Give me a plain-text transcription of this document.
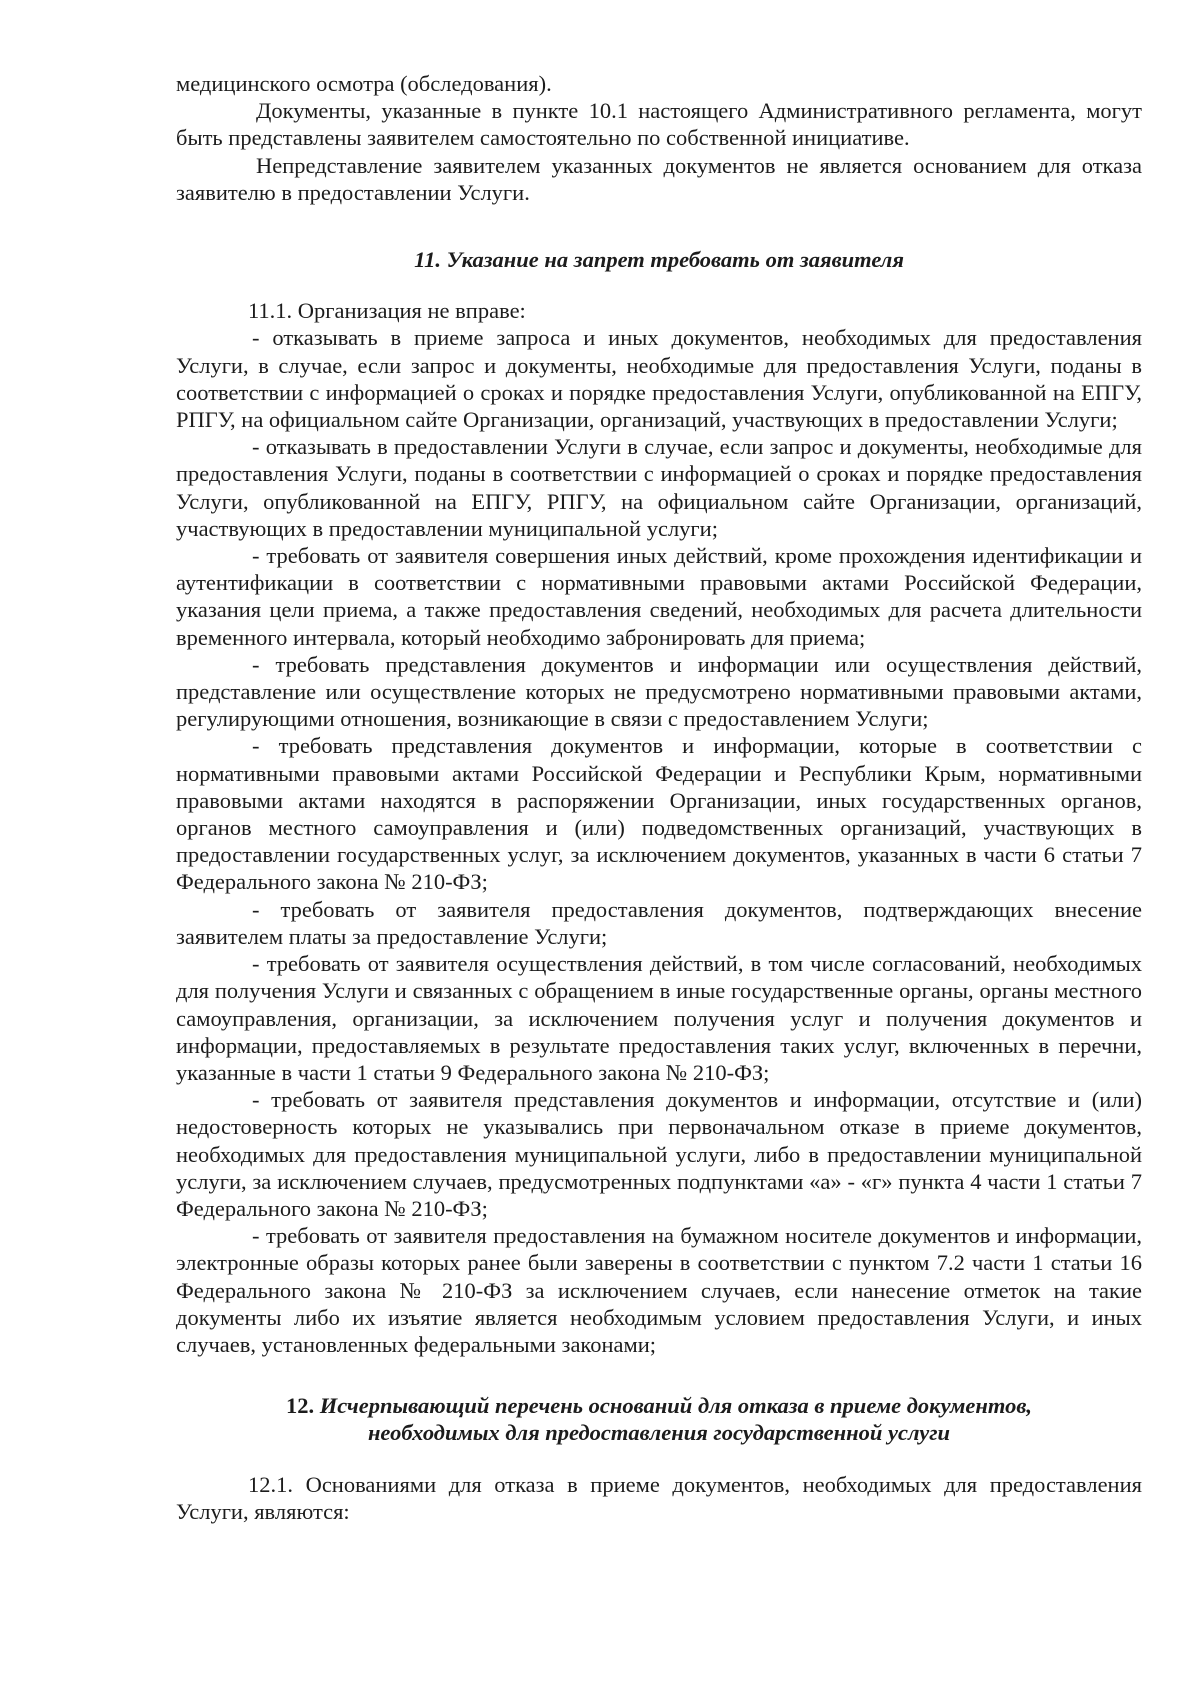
медицинского осмотра (обследования).

Документы, указанные в пункте 10.1 настоящего Административного регламента, могут быть представлены заявителем самостоятельно по собственной инициативе.

Непредставление заявителем указанных документов не является основанием для отказа заявителю в предоставлении Услуги.

11. Указание на запрет требовать от заявителя

11.1. Организация не вправе:

- отказывать в приеме запроса и иных документов, необходимых для предоставления Услуги, в случае, если запрос и документы, необходимые для предоставления Услуги, поданы в соответствии с информацией о сроках и порядке предоставления Услуги, опубликованной на ЕПГУ, РПГУ, на официальном сайте Организации, организаций, участвующих в предоставлении Услуги;

- отказывать в предоставлении Услуги в случае, если запрос и документы, необходимые для предоставления Услуги, поданы в соответствии с информацией о сроках и порядке предоставления Услуги, опубликованной на ЕПГУ, РПГУ, на официальном сайте Организации, организаций, участвующих в предоставлении муниципальной услуги;

- требовать от заявителя совершения иных действий, кроме прохождения идентификации и аутентификации в соответствии с нормативными правовыми актами Российской Федерации, указания цели приема, а также предоставления сведений, необходимых для расчета длительности временного интервала, который необходимо забронировать для приема;

- требовать представления документов и информации или осуществления действий, представление или осуществление которых не предусмотрено нормативными правовыми актами, регулирующими отношения, возникающие в связи с предоставлением Услуги;

- требовать представления документов и информации, которые в соответствии с нормативными правовыми актами Российской Федерации и Республики Крым, нормативными правовыми актами находятся в распоряжении Организации, иных государственных органов, органов местного самоуправления и (или) подведомственных организаций, участвующих в предоставлении государственных услуг, за исключением документов, указанных в части 6 статьи 7 Федерального закона № 210-ФЗ;

- требовать от заявителя предоставления документов, подтверждающих внесение заявителем платы за предоставление Услуги;

- требовать от заявителя осуществления действий, в том числе согласований, необходимых для получения Услуги и связанных с обращением в иные государственные органы, органы местного самоуправления, организации, за исключением получения услуг и получения документов и информации, предоставляемых в результате предоставления таких услуг, включенных в перечни, указанные в части 1 статьи 9 Федерального закона № 210-ФЗ;

- требовать от заявителя представления документов и информации, отсутствие и (или) недостоверность которых не указывались при первоначальном отказе в приеме документов, необходимых для предоставления муниципальной услуги, либо в предоставлении муниципальной услуги, за исключением случаев, предусмотренных подпунктами «а» - «г» пункта 4 части 1 статьи 7 Федерального закона № 210-ФЗ;

- требовать от заявителя предоставления на бумажном носителе документов и информации, электронные образы которых ранее были заверены в соответствии с пунктом 7.2 части 1 статьи 16 Федерального закона № 210-ФЗ за исключением случаев, если нанесение отметок на такие документы либо их изъятие является необходимым условием предоставления Услуги, и иных случаев, установленных федеральными законами;

12. Исчерпывающий перечень оснований для отказа в приеме документов,
необходимых для предоставления государственной услуги

12.1. Основаниями для отказа в приеме документов, необходимых для предоставления Услуги, являются:
